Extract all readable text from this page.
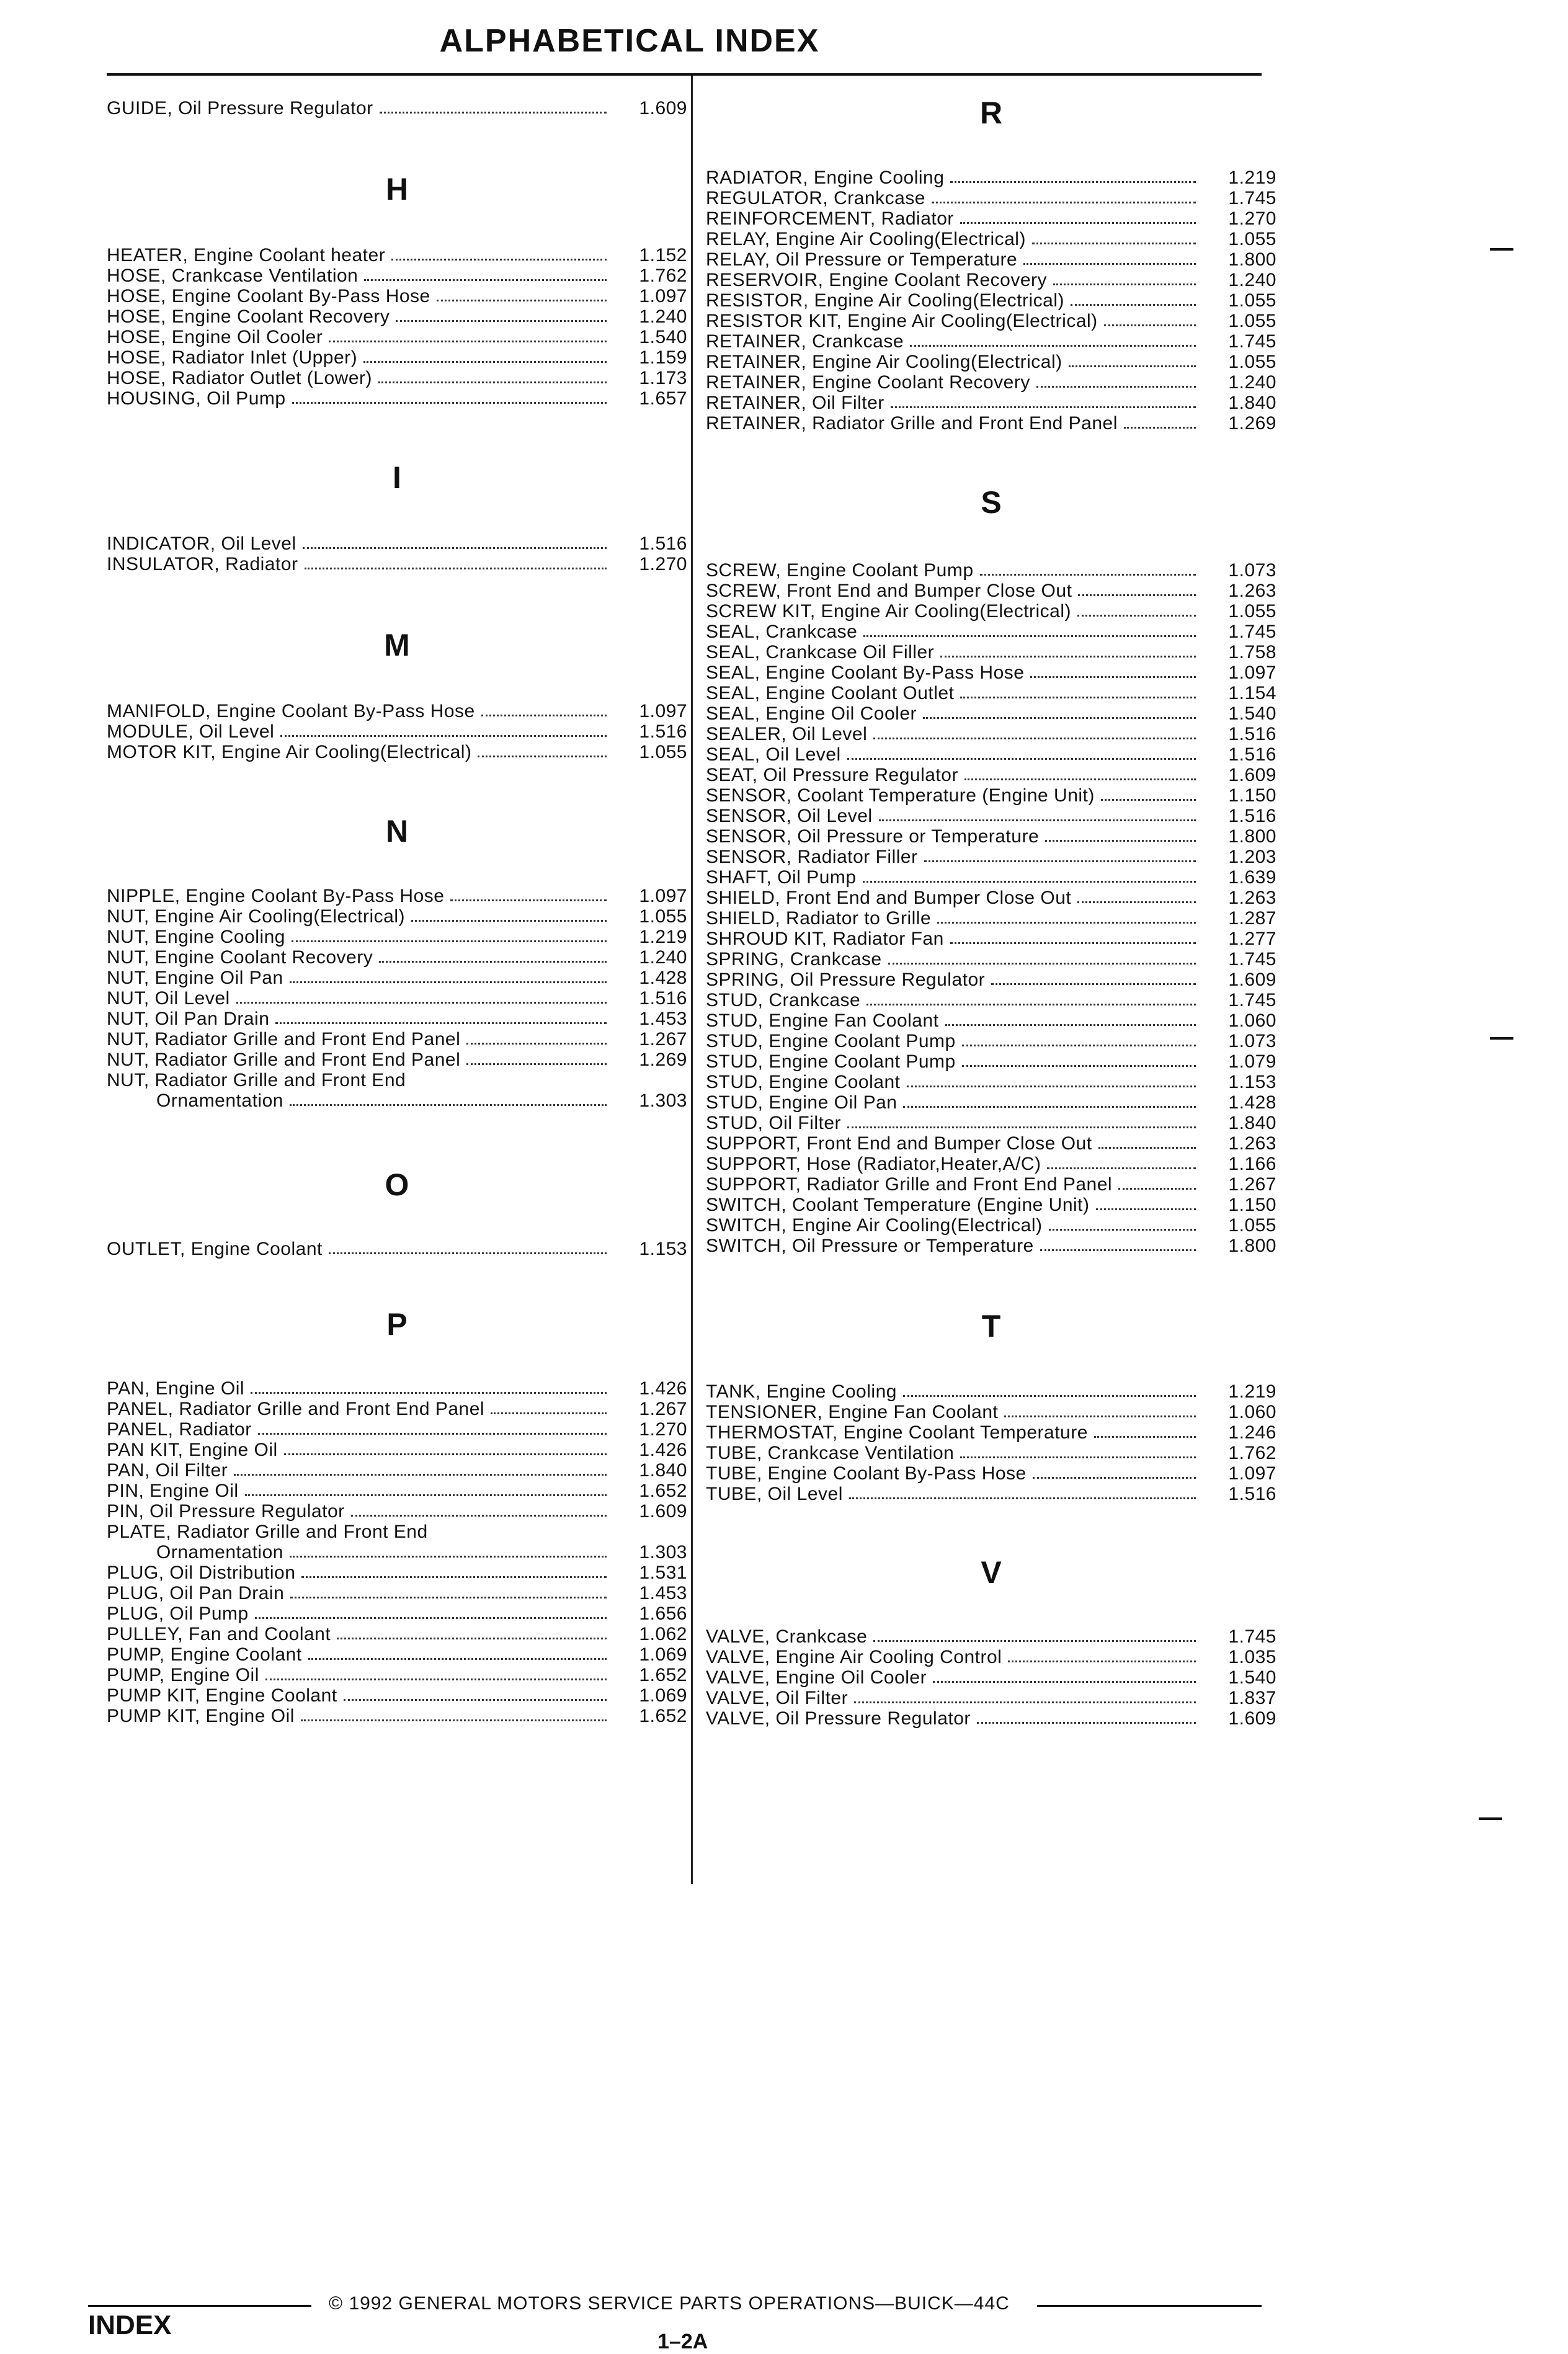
ALPHABETICAL INDEX
GUIDE, Oil Pressure Regulator	1.609
H
HEATER, Engine Coolant heater	1.152
HOSE, Crankcase Ventilation	1.762
HOSE, Engine Coolant By-Pass Hose	1.097
HOSE, Engine Coolant Recovery	1.240
HOSE, Engine Oil Cooler	1.540
HOSE, Radiator Inlet (Upper)	1.159
HOSE, Radiator Outlet (Lower)	1.173
HOUSING, Oil Pump	1.657
I
INDICATOR, Oil Level	1.516
INSULATOR, Radiator	1.270
M
MANIFOLD, Engine Coolant By-Pass Hose	1.097
MODULE, Oil Level	1.516
MOTOR KIT, Engine Air Cooling(Electrical)	1.055
N
NIPPLE, Engine Coolant By-Pass Hose	1.097
NUT, Engine Air Cooling(Electrical)	1.055
NUT, Engine Cooling	1.219
NUT, Engine Coolant Recovery	1.240
NUT, Engine Oil Pan	1.428
NUT, Oil Level	1.516
NUT, Oil Pan Drain	1.453
NUT, Radiator Grille and Front End Panel	1.267
NUT, Radiator Grille and Front End Panel	1.269
NUT, Radiator Grille and Front End
Ornamentation	1.303
O
OUTLET, Engine Coolant	1.153
P
PAN, Engine Oil	1.426
PANEL, Radiator Grille and Front End Panel	1.267
PANEL, Radiator	1.270
PAN KIT, Engine Oil	1.426
PAN, Oil Filter	1.840
PIN, Engine Oil	1.652
PIN, Oil Pressure Regulator	1.609
PLATE, Radiator Grille and Front End
Ornamentation	1.303
PLUG, Oil Distribution	1.531
PLUG, Oil Pan Drain	1.453
PLUG, Oil Pump	1.656
PULLEY, Fan and Coolant	1.062
PUMP, Engine Coolant	1.069
PUMP, Engine Oil	1.652
PUMP KIT, Engine Coolant	1.069
PUMP KIT, Engine Oil	1.652
R
RADIATOR, Engine Cooling	1.219
REGULATOR, Crankcase	1.745
REINFORCEMENT, Radiator	1.270
RELAY, Engine Air Cooling(Electrical)	1.055
RELAY, Oil Pressure or Temperature	1.800
RESERVOIR, Engine Coolant Recovery	1.240
RESISTOR, Engine Air Cooling(Electrical)	1.055
RESISTOR KIT, Engine Air Cooling(Electrical)	1.055
RETAINER, Crankcase	1.745
RETAINER, Engine Air Cooling(Electrical)	1.055
RETAINER, Engine Coolant Recovery	1.240
RETAINER, Oil Filter	1.840
RETAINER, Radiator Grille and Front End Panel	1.269
S
SCREW, Engine Coolant Pump	1.073
SCREW, Front End and Bumper Close Out	1.263
SCREW KIT, Engine Air Cooling(Electrical)	1.055
SEAL, Crankcase	1.745
SEAL, Crankcase Oil Filler	1.758
SEAL, Engine Coolant By-Pass Hose	1.097
SEAL, Engine Coolant Outlet	1.154
SEAL, Engine Oil Cooler	1.540
SEALER, Oil Level	1.516
SEAL, Oil Level	1.516
SEAT, Oil Pressure Regulator	1.609
SENSOR, Coolant Temperature (Engine Unit)	1.150
SENSOR, Oil Level	1.516
SENSOR, Oil Pressure or Temperature	1.800
SENSOR, Radiator Filler	1.203
SHAFT, Oil Pump	1.639
SHIELD, Front End and Bumper Close Out	1.263
SHIELD, Radiator to Grille	1.287
SHROUD KIT, Radiator Fan	1.277
SPRING, Crankcase	1.745
SPRING, Oil Pressure Regulator	1.609
STUD, Crankcase	1.745
STUD, Engine Fan Coolant	1.060
STUD, Engine Coolant Pump	1.073
STUD, Engine Coolant Pump	1.079
STUD, Engine Coolant	1.153
STUD, Engine Oil Pan	1.428
STUD, Oil Filter	1.840
SUPPORT, Front End and Bumper Close Out	1.263
SUPPORT, Hose (Radiator,Heater,A/C)	1.166
SUPPORT, Radiator Grille and Front End Panel	1.267
SWITCH, Coolant Temperature (Engine Unit)	1.150
SWITCH, Engine Air Cooling(Electrical)	1.055
SWITCH, Oil Pressure or Temperature	1.800
T
TANK, Engine Cooling	1.219
TENSIONER, Engine Fan Coolant	1.060
THERMOSTAT, Engine Coolant Temperature	1.246
TUBE, Crankcase Ventilation	1.762
TUBE, Engine Coolant By-Pass Hose	1.097
TUBE, Oil Level	1.516
V
VALVE, Crankcase	1.745
VALVE, Engine Air Cooling Control	1.035
VALVE, Engine Oil Cooler	1.540
VALVE, Oil Filter	1.837
VALVE, Oil Pressure Regulator	1.609
© 1992 GENERAL MOTORS SERVICE PARTS OPERATIONS—BUICK—44C
INDEX
1–2A
